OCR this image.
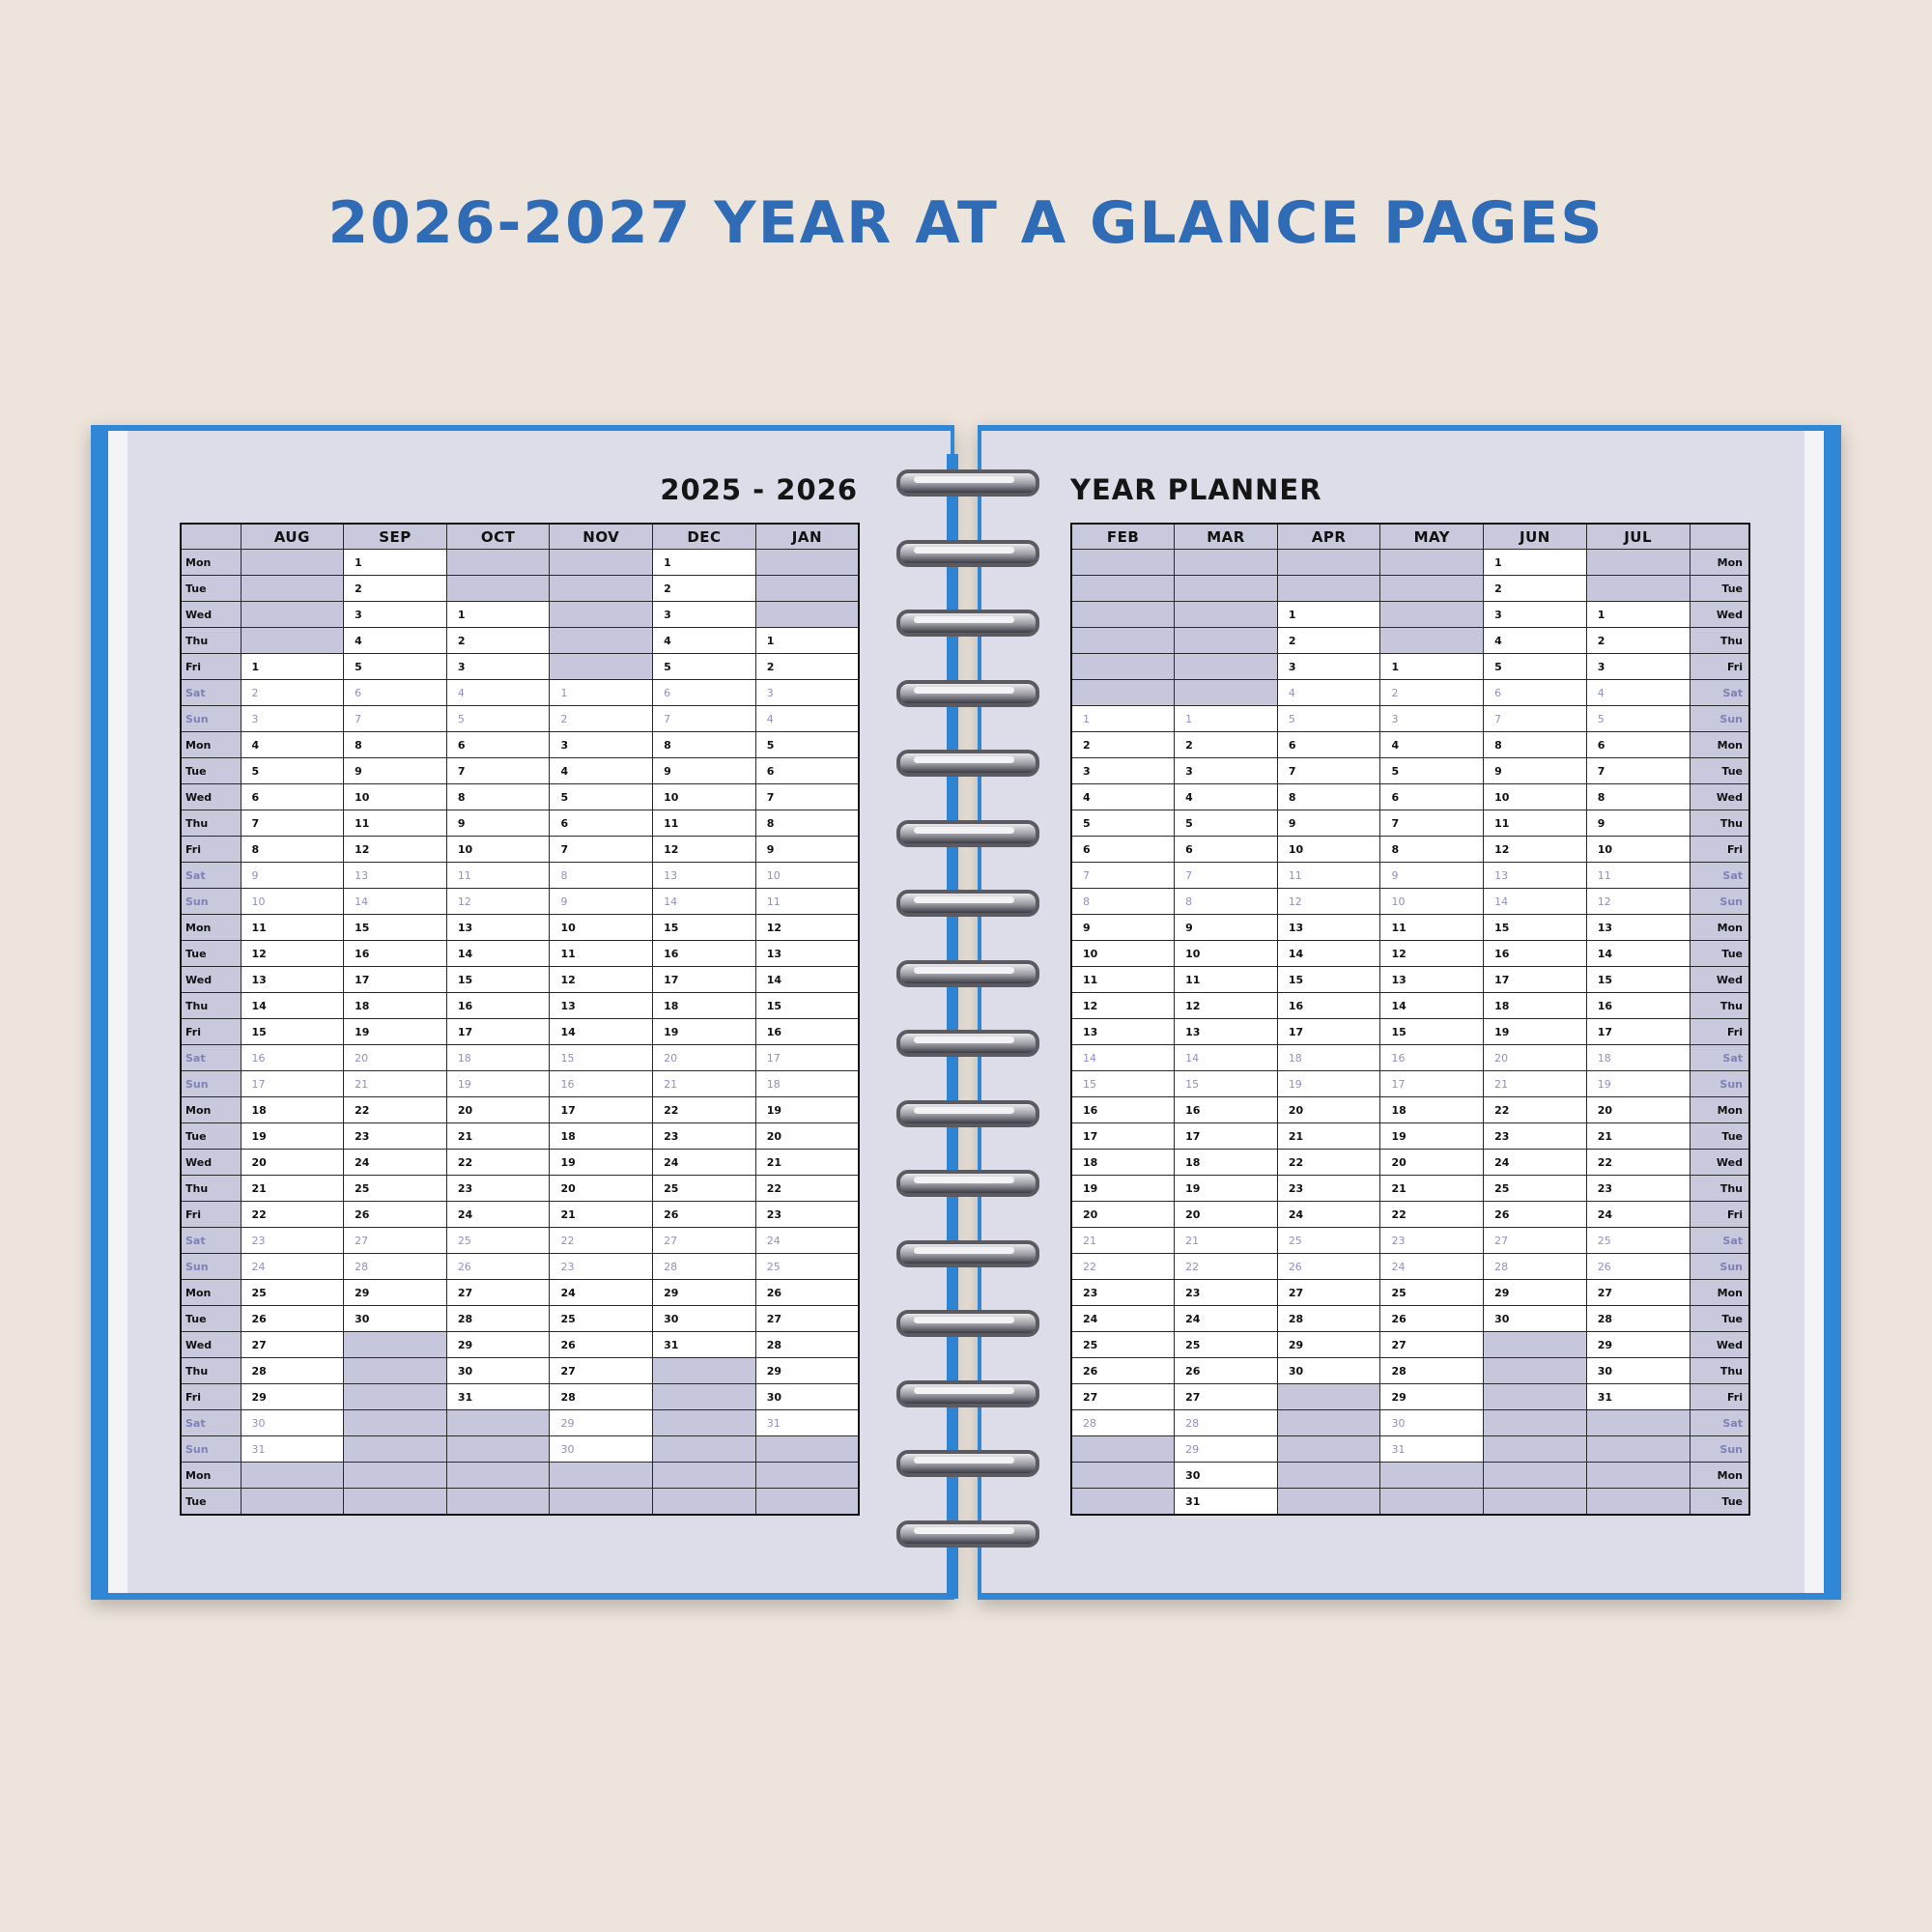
2026-2027 YEAR AT A GLANCE PAGES
2025 - 2026
	AUG	SEP	OCT	NOV	DEC	JAN
Mon		1			1	
Tue		2			2	
Wed		3	1		3	
Thu		4	2		4	1
Fri	1	5	3		5	2
Sat	2	6	4	1	6	3
Sun	3	7	5	2	7	4
Mon	4	8	6	3	8	5
Tue	5	9	7	4	9	6
Wed	6	10	8	5	10	7
Thu	7	11	9	6	11	8
Fri	8	12	10	7	12	9
Sat	9	13	11	8	13	10
Sun	10	14	12	9	14	11
Mon	11	15	13	10	15	12
Tue	12	16	14	11	16	13
Wed	13	17	15	12	17	14
Thu	14	18	16	13	18	15
Fri	15	19	17	14	19	16
Sat	16	20	18	15	20	17
Sun	17	21	19	16	21	18
Mon	18	22	20	17	22	19
Tue	19	23	21	18	23	20
Wed	20	24	22	19	24	21
Thu	21	25	23	20	25	22
Fri	22	26	24	21	26	23
Sat	23	27	25	22	27	24
Sun	24	28	26	23	28	25
Mon	25	29	27	24	29	26
Tue	26	30	28	25	30	27
Wed	27		29	26	31	28
Thu	28		30	27		29
Fri	29		31	28		30
Sat	30			29		31
Sun	31			30		
Mon						
Tue						
YEAR PLANNER
FEB	MAR	APR	MAY	JUN	JUL	
				1		Mon
				2		Tue
		1		3	1	Wed
		2		4	2	Thu
		3	1	5	3	Fri
		4	2	6	4	Sat
1	1	5	3	7	5	Sun
2	2	6	4	8	6	Mon
3	3	7	5	9	7	Tue
4	4	8	6	10	8	Wed
5	5	9	7	11	9	Thu
6	6	10	8	12	10	Fri
7	7	11	9	13	11	Sat
8	8	12	10	14	12	Sun
9	9	13	11	15	13	Mon
10	10	14	12	16	14	Tue
11	11	15	13	17	15	Wed
12	12	16	14	18	16	Thu
13	13	17	15	19	17	Fri
14	14	18	16	20	18	Sat
15	15	19	17	21	19	Sun
16	16	20	18	22	20	Mon
17	17	21	19	23	21	Tue
18	18	22	20	24	22	Wed
19	19	23	21	25	23	Thu
20	20	24	22	26	24	Fri
21	21	25	23	27	25	Sat
22	22	26	24	28	26	Sun
23	23	27	25	29	27	Mon
24	24	28	26	30	28	Tue
25	25	29	27		29	Wed
26	26	30	28		30	Thu
27	27		29		31	Fri
28	28		30			Sat
	29		31			Sun
	30					Mon
	31					Tue
